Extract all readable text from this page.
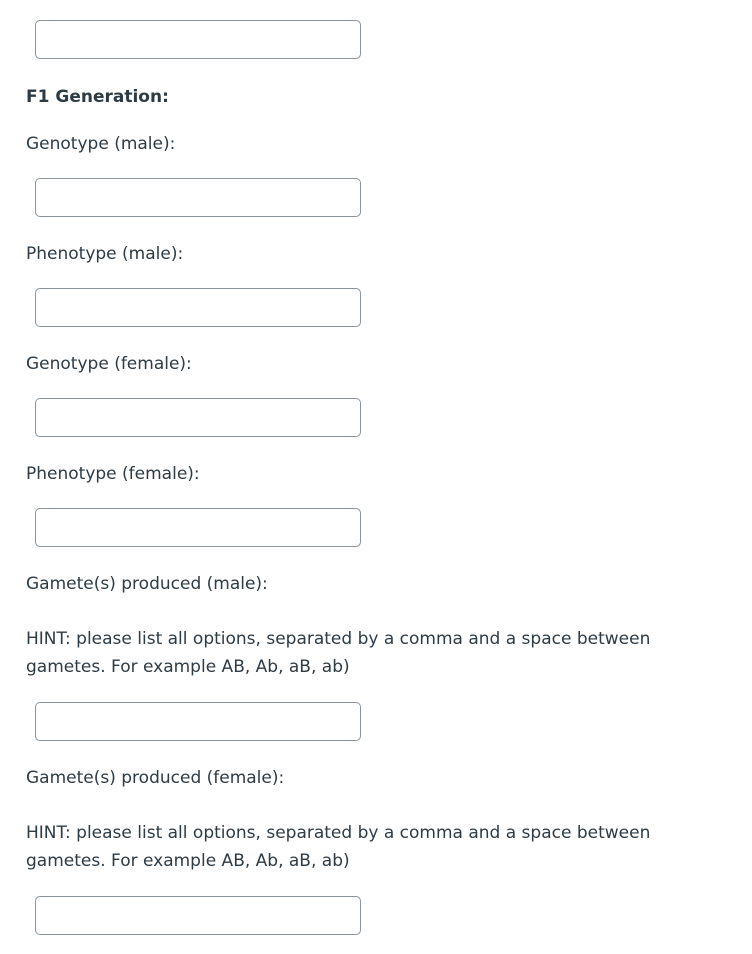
F1 Generation:
Genotype (male):
Phenotype (male):
Genotype (female):
Phenotype (female):
Gamete(s) produced (male):
HINT: please list all options, separated by a comma and a space between
gametes. For example AB, Ab, aB, ab)
Gamete(s) produced (female):
HINT: please list all options, separated by a comma and a space between
gametes. For example AB, Ab, aB, ab)
